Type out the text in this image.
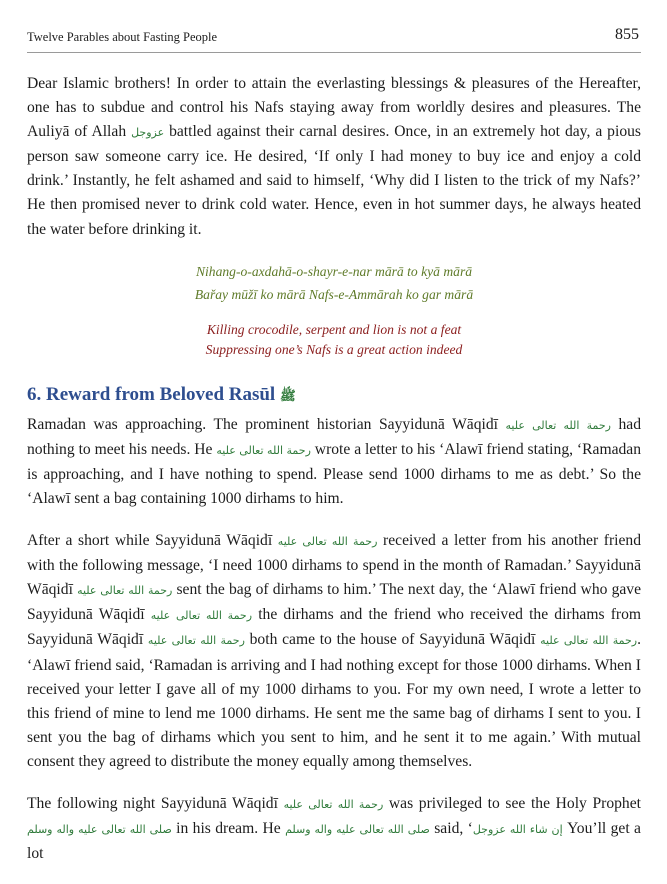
Twelve Parables about Fasting People	855

Dear Islamic brothers! In order to attain the everlasting blessings & pleasures of the Hereafter, one has to subdue and control his Nafs staying away from worldly desires and pleasures. The Auliyā of Allah عزوجل battled against their carnal desires. Once, in an extremely hot day, a pious person saw someone carry ice. He desired, ‘If only I had money to buy ice and enjoy a cold drink.’ Instantly, he felt ashamed and said to himself, ‘Why did I listen to the trick of my Nafs?’ He then promised never to drink cold water. Hence, even in hot summer days, he always heated the water before drinking it.

Nihang-o-axdahā-o-shayr-e-nar mārā to kyā mārā
Bařay mūžī ko mārā Nafs-e-Ammārah ko gar mārā
Killing crocodile, serpent and lion is not a feat
Suppressing one’s Nafs is a great action indeed
6. Reward from Beloved Rasūl ﷺ

Ramadan was approaching. The prominent historian Sayyidunā Wāqidī رحمة الله تعالى عليه had nothing to meet his needs. He رحمة الله تعالى عليه wrote a letter to his ‘Alawī friend stating, ‘Ramadan is approaching, and I have nothing to spend. Please send 1000 dirhams to me as debt.’ So the ‘Alawī sent a bag containing 1000 dirhams to him.

After a short while Sayyidunā Wāqidī رحمة الله تعالى عليه received a letter from his another friend with the following message, ‘I need 1000 dirhams to spend in the month of Ramadan.’ Sayyidunā Wāqidī رحمة الله تعالى عليه sent the bag of dirhams to him.’ The next day, the ‘Alawī friend who gave Sayyidunā Wāqidī رحمة الله تعالى عليه the dirhams and the friend who received the dirhams from Sayyidunā Wāqidī رحمة الله تعالى عليه both came to the house of Sayyidunā Wāqidī رحمة الله تعالى عليه. ‘Alawī friend said, ‘Ramadan is arriving and I had nothing except for those 1000 dirhams. When I received your letter I gave all of my 1000 dirhams to you. For my own need, I wrote a letter to this friend of mine to lend me 1000 dirhams. He sent me the same bag of dirhams I sent to you. I sent you the bag of dirhams which you sent to him, and he sent it to me again.’ With mutual consent they agreed to distribute the money equally among themselves.

The following night Sayyidunā Wāqidī رحمة الله تعالى عليه was privileged to see the Holy Prophet صلى الله تعالى عليه واله وسلم in his dream. He صلى الله تعالى عليه واله وسلم said, ‘إن شاء الله عزوجل You’ll get a lot
